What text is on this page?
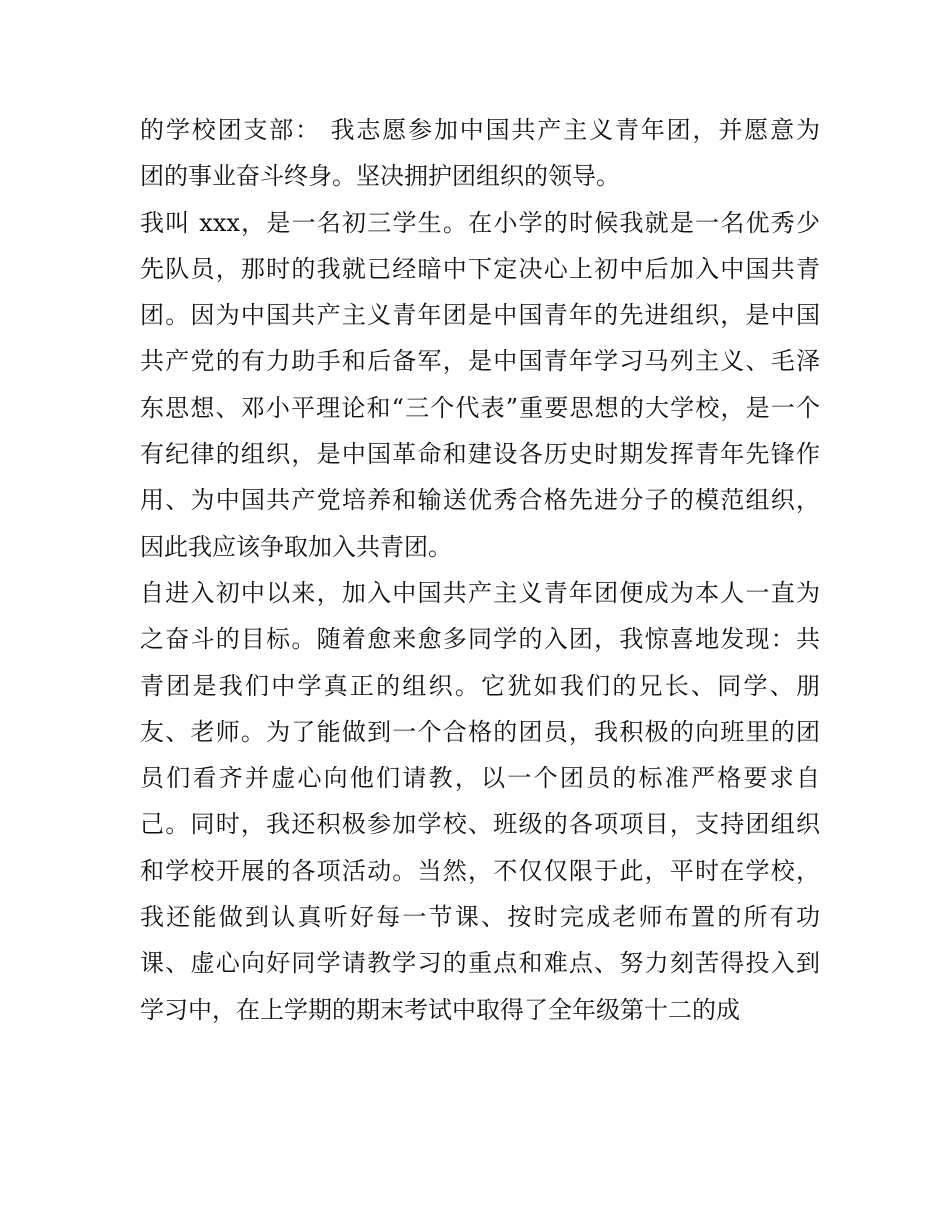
的学校团支部： 我志愿参加中国共产主义青年团，并愿意为
团的事业奋斗终身。坚决拥护团组织的领导。
我叫 xxx，是一名初三学生。在小学的时候我就是一名优秀少
先队员，那时的我就已经暗中下定决心上初中后加入中国共青
团。因为中国共产主义青年团是中国青年的先进组织，是中国
共产党的有力助手和后备军，是中国青年学习马列主义、毛泽
东思想、邓小平理论和“三个代表”重要思想的大学校，是一个
有纪律的组织，是中国革命和建设各历史时期发挥青年先锋作
用、为中国共产党培养和输送优秀合格先进分子的模范组织，
因此我应该争取加入共青团。
自进入初中以来，加入中国共产主义青年团便成为本人一直为
之奋斗的目标。随着愈来愈多同学的入团，我惊喜地发现：共
青团是我们中学真正的组织。它犹如我们的兄长、同学、朋
友、老师。为了能做到一个合格的团员，我积极的向班里的团
员们看齐并虚心向他们请教，以一个团员的标准严格要求自
己。同时，我还积极参加学校、班级的各项项目，支持团组织
和学校开展的各项活动。当然，不仅仅限于此，平时在学校，
我还能做到认真听好每一节课、按时完成老师布置的所有功
课、虚心向好同学请教学习的重点和难点、努力刻苦得投入到
学习中，在上学期的期末考试中取得了全年级第十二的成
